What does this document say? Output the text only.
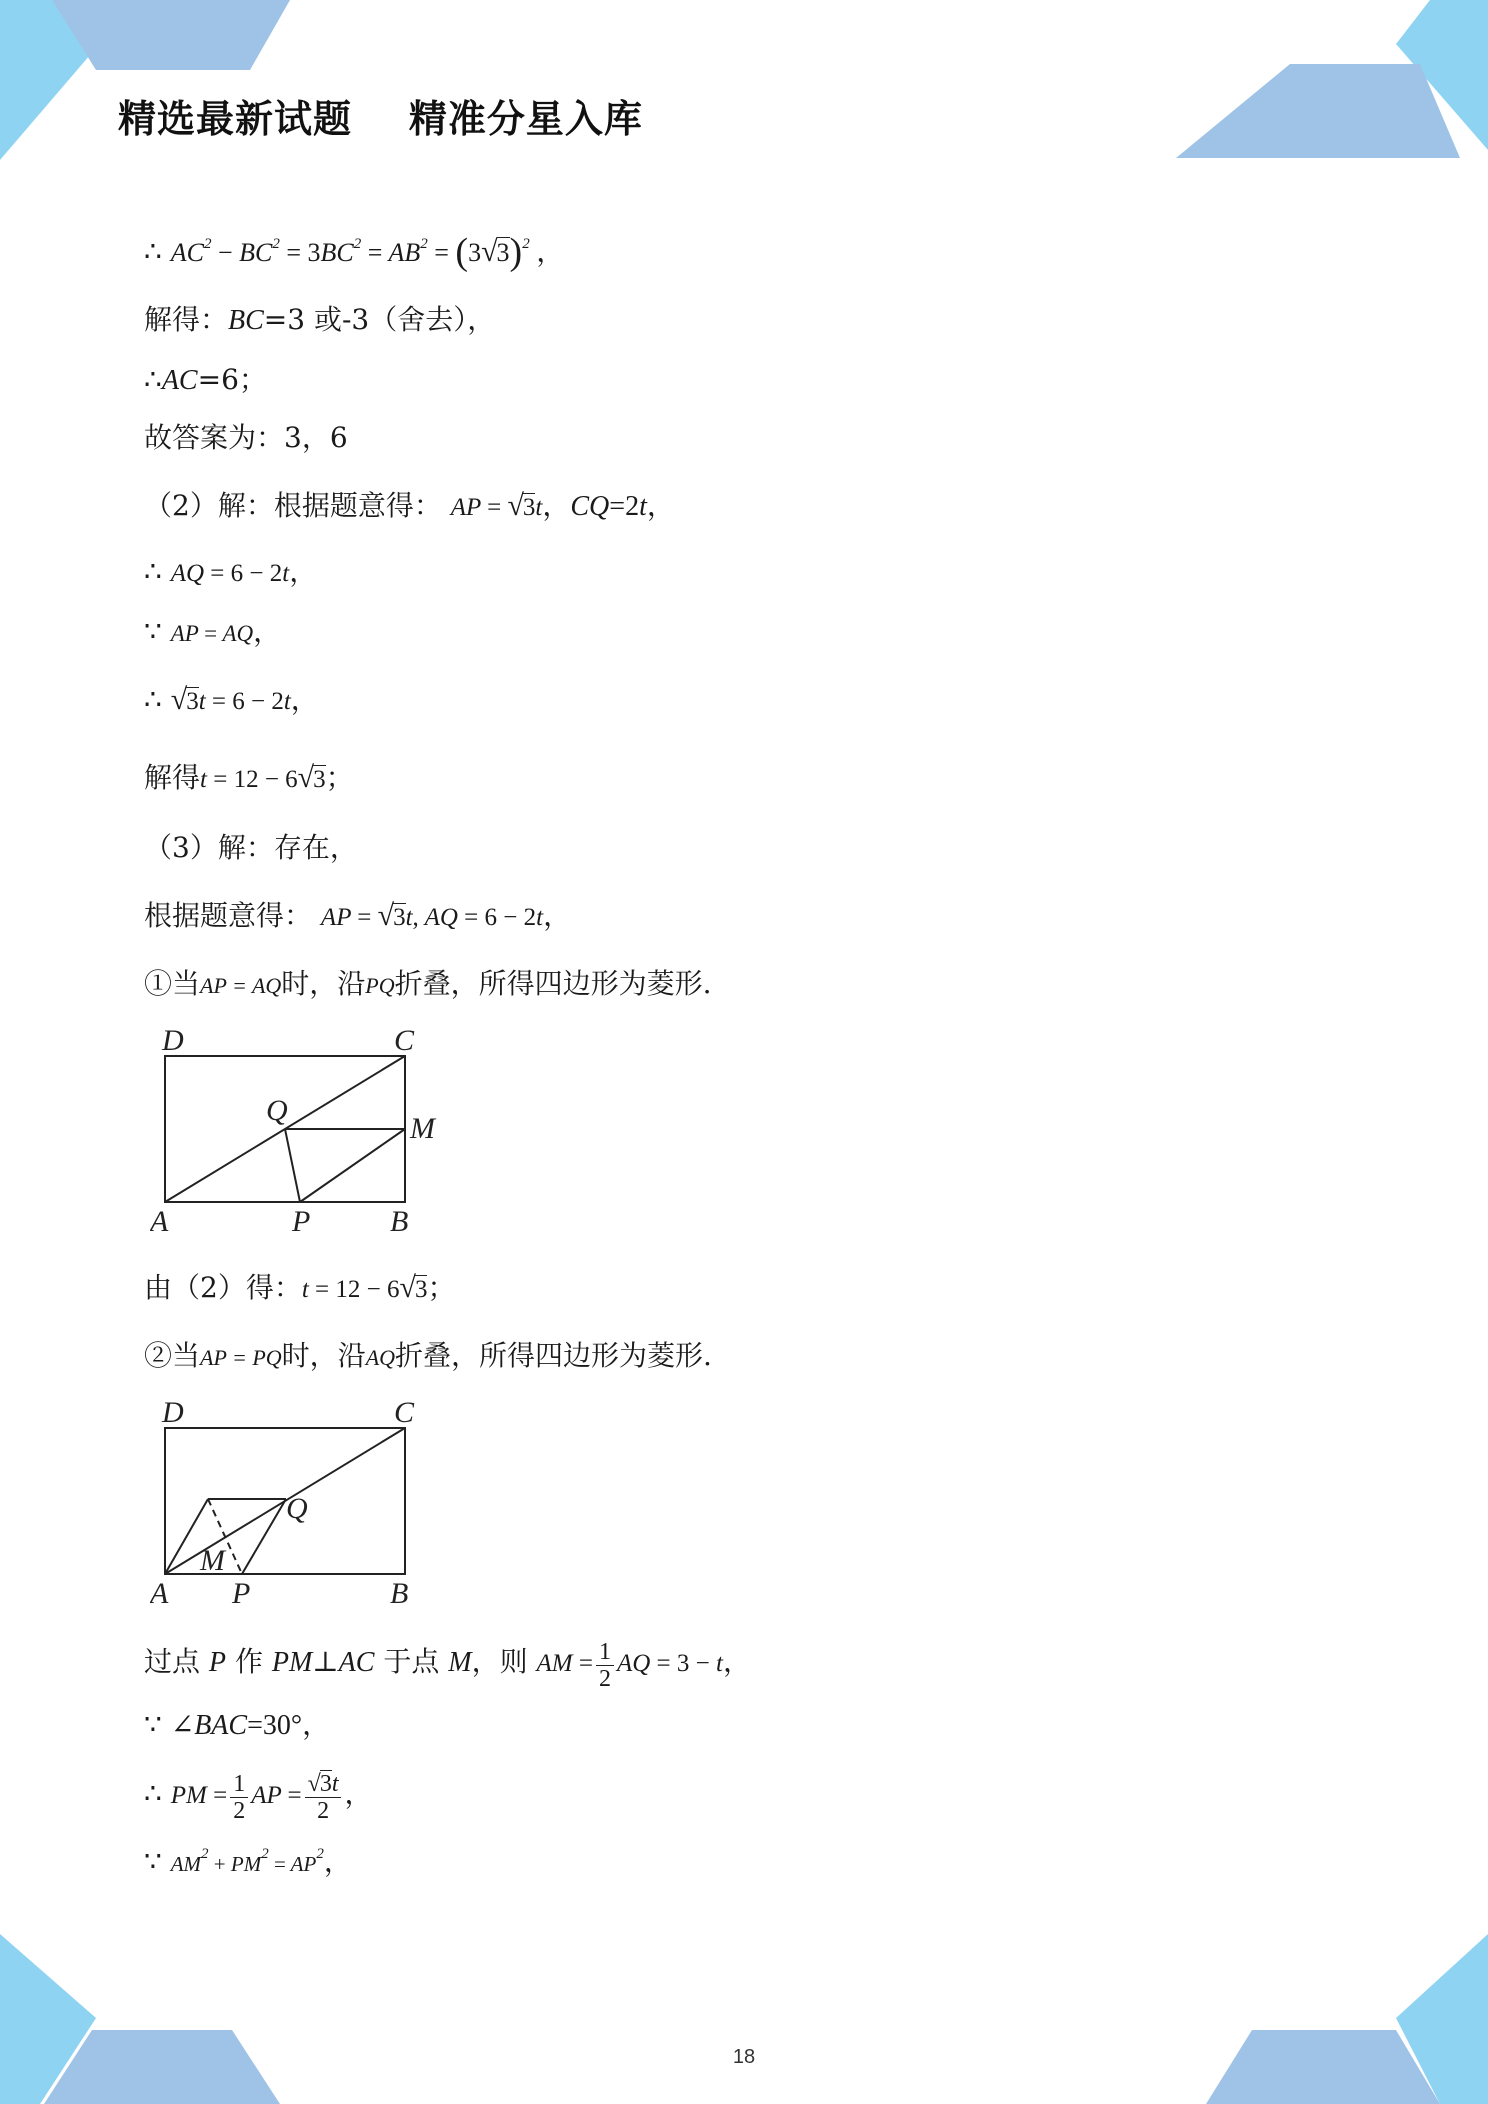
精选最新试题    精准分星入库
∴ $AC^2 - BC^2 = 3BC^2 = AB^2 = (3√3)^2$ ，
解得：BC=3 或-3（舍去），
∴AC=6；
故答案为：3，6
（2）解：根据题意得： AP = √3t，CQ=2t，
∴ AQ = 6 − 2t，
∵ AP = AQ，
∴ √3t = 6 − 2t，
解得t = 12 − 6√3；
（3）解：存在，
根据题意得： AP = √3t, AQ = 6 − 2t，
①当AP = AQ时，沿PQ折叠，所得四边形为菱形.
D	C
Q
M
A	P	B
由（2）得：t = 12 − 6√3；
②当AP = PQ时，沿AQ折叠，所得四边形为菱形.
D	C
Q
M
A P	B
过点 P 作 PM⊥AC 于点 M，则 AM = $\frac{1}{2}$ AQ = 3 − t，
∵ ∠BAC=30°，
∴ PM = $\frac{1}{2}$ AP = $\frac{√3t}{2}$ ，
∵ $AM^2 + PM^2 = AP^2$，
18
